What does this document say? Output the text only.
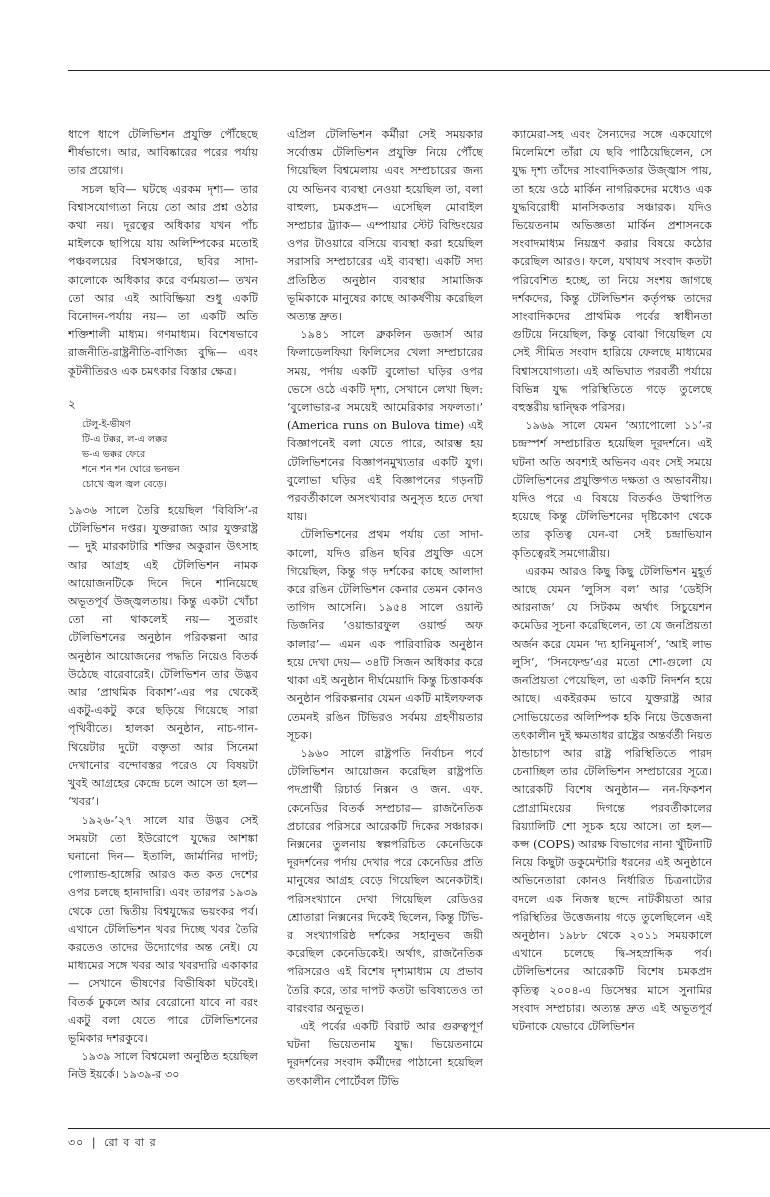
ধাপে ধাপে টেলিভিশন প্রযুক্তি পৌঁছেছে শীর্ষভাগে। আর, আবিষ্কারের পরের পর্যায় তার প্রয়োগ।

সচল ছবি— ঘটছে এরকম দৃশ্য— তার বিশ্বাসযোগ্যতা নিয়ে তো আর প্রশ্ন ওঠার কথা নয়। দূরত্বের অধিকার যখন পাঁচ মাইলকে ছাপিয়ে যায় অলিম্পিকের মতোই পঞ্চবলয়ের বিশ্বসঞ্চারে, ছবির সাদা-কালোকে অধিকার করে বর্ণময়তা— তখন তো আর এই আবিষ্ক্রিয়া শুধু একটি বিনোদন-পর্যায় নয়— তা একটি অতি শক্তিশালী মাধ্যম। গণমাধ্যম। বিশেষভাবে রাজনীতি-রাষ্ট্রনীতি-বাণিজ্য বুদ্ধি— এবং কূটনীতিরও এক চমৎকার বিস্তার ক্ষেত্র।

২
টেলু-ই-ভীষণ
টি-এ টক্কর, ল-এ লক্কর
ভ-এ ভক্কর ফেরে
শনে শন শন ঘোরে ভনভন
চোখে জ্বল জ্বল বেড়ে।

১৯৩৬ সালে তৈরি হয়েছিল ‘বিবিসি’-র টেলিভিশন দপ্তর। যুক্তরাজ্য আর যুক্তরাষ্ট্র— দুই মারকাটারি শক্তির অকুরান উৎসাহ আর আগ্রহ এই টেলিভিশন নামক আয়োজনটিকে দিনে দিনে শানিয়েছে অভূতপূর্ব উজ্জ্বলতায়। কিন্তু একটা খোঁচা তো না থাকলেই নয়— সুতরাং টেলিভিশনের অনুষ্ঠান পরিকল্পনা আর অনুষ্ঠান আয়োজনের পদ্ধতি নিয়েও বিতর্ক উঠেছে বারেবারেই। টেলিভিশন তার উদ্ভব আর ‘প্রাথমিক বিকাশ’-এর পর থেকেই একটু-একটু করে ছড়িয়ে গিয়েছে সারা পৃথিবীতে। হালকা অনুষ্ঠান, নাচ-গান-থিয়েটার দুটো বক্তৃতা আর সিনেমা দেখানোর বন্দোবস্তর পরেও যে বিষয়টা খুবই আগ্রহের কেন্দ্রে চলে আসে তা হল— ‘খবর’।

১৯২৬-’২৭ সালে যার উদ্ভব সেই সময়টা তো ইউরোপে যুদ্ধের আশঙ্কা ঘনানো দিন— ইতালি, জার্মানির দাপট; পোল্যান্ড-হাঙ্গেরি আরও কত কত দেশের ওপর চলছে হানাদারি। এবং তারপর ১৯৩৯ থেকে তো দ্বিতীয় বিশ্বযুদ্ধের ভয়ংকর পর্ব। এখানে টেলিভিশন খবর দিচ্ছে খবর তৈরি করতেও তাদের উদ্যোগের অন্ত নেই। যে মাধ্যমের সঙ্গে খবর আর খবরদারি একাকার— সেখানে ভীষণের বিভীষিকা ঘটবেই। বিতর্ক ঢুকলে আর বেরোনো যাবে না বরং একটু বলা যেতে পারে টেলিভিশনের ভূমিকার দশরকুবে।

১৯৩৯ সালে বিশ্বমেলা অনুষ্ঠিত হয়েছিল নিউ ইয়র্কে। ১৯৩৯-র ৩০

এপ্রিল টেলিভিশন কর্মীরা সেই সময়কার সর্বোত্তম টেলিভিশন প্রযুক্তি নিয়ে পৌঁছে গিয়েছিল বিশ্বমেলায় এবং সম্প্রচারের জন্য যে অভিনব ব্যবস্থা নেওয়া হয়েছিল তা, বলা বাহুল্য, চমকপ্রদ— এসেছিল মোবাইল সম্প্রচার ট্র্যাক— এম্পায়ার স্টেট বিল্ডিংয়ের ওপর টাওয়ারে বসিয়ে ব্যবস্থা করা হয়েছিল সরাসরি সম্প্রচারের এই ব্যবস্থা। একটি সদ্য প্রতিষ্ঠিত অনুষ্ঠান ব্যবস্থার সামাজিক ভূমিকাকে মানুষের কাছে আকর্ষণীয় করেছিল অত্যন্ত দ্রুত।

১৯৪১ সালে ব্রুকলিন ডজার্স আর ফিলাডেলফিয়া ফিলিসের খেলা সম্প্রচারের সময়, পর্দায় একটি বুলোভা ঘড়ির ওপর ভেসে ওঠে একটি দৃশ্য, সেখানে লেখা ছিল: ‘বুলোভার-র সময়েই আমেরিকার সফলতা।’ (America runs on Bulova time) এই বিজ্ঞাপনেই বলা যেতে পারে, আরম্ভ হয় টেলিভিশনের বিজ্ঞাপনমুখ্যতার একটি যুগ। বুলোভা ঘড়ির এই বিজ্ঞাপনের গড়নটি পরবর্তীকালে অসংখ্যবার অনুসৃত হতে দেখা যায়।

টেলিভিশনের প্রথম পর্যায় তো সাদা-কালো, যদিও রঙিন ছবির প্রযুক্তি এসে গিয়েছিল, কিন্তু গড় দর্শকের কাছে আলাদা করে রঙিন টেলিভিশন কেনার তেমন কোনও তাগিদ আসেনি। ১৯৫৪ সালে ওয়াল্ট ডিজনির ‘ওয়ান্ডারফুল ওয়ার্ল্ড অফ কালার’— এমন এক পারিবারিক অনুষ্ঠান হয়ে দেখা দেয়— ৩৪টি সিজন অধিকার করে থাকা এই অনুষ্ঠান দীর্ঘমেয়াদি কিন্তু চিত্তাকর্ষক অনুষ্ঠান পরিকল্পনার যেমন একটি মাইলফলক তেমনই রঙিন টিভিরও সর্বময় গ্রহণীয়তার সূচক।

১৯৬০ সালে রাষ্ট্রপতি নির্বাচন পর্বে টেলিভিশন আয়োজন করেছিল রাষ্ট্রপতি পদপ্রার্থী রিচার্ড নিক্সন ও জন. এফ. কেনেডির বিতর্ক সম্প্রচার— রাজনৈতিক প্রচারের পরিসরে আরেকটি দিকের সঞ্চারক। নিক্সনের তুলনায় স্বল্পপরিচিত কেনেডিকে দূরদর্শনের পর্দায় দেখার পরে কেনেডির প্রতি মানুষের আগ্রহ বেড়ে গিয়েছিল অনেকটাই। পরিসংখ্যানে দেখা গিয়েছিল রেডিওর শ্রোতারা নিক্সনের দিকেই ছিলেন, কিন্তু টিভি-র সংখ্যাগরিষ্ঠ দর্শকের সহানুভব জয়ী করেছিল কেনেডিকেই। অর্থাৎ, রাজনৈতিক পরিসরেও এই বিশেষ দৃশ্যমাধ্যম যে প্রভাব তৈরি করে, তার দাপট কতটা ভবিষ্যতেও তা বারংবার অনুভূত।

এই পর্বের একটি বিরাট আর গুরুত্বপূর্ণ ঘটনা ভিয়েতনাম যুদ্ধ। ভিয়েতনামে দূরদর্শনের সংবাদ কর্মীদের পাঠানো হয়েছিল তৎকালীন পোর্টেবল টিভি

ক্যামেরা-সহ এবং সৈন্যদের সঙ্গে একযোগে মিলেমিশে তাঁরা যে ছবি পাঠিয়েছিলেন, সে যুদ্ধ দৃশ্য তাঁদের সাংবাদিকতার উজ্জ্বাস পায়, তা হয়ে ওঠে মার্কিন নাগরিকদের মধ্যেও এক যুদ্ধবিরোধী মানসিকতার সঞ্চারক। যদিও ভিয়েতনাম অভিজ্ঞতা মার্কিন প্রশাসনকে সংবাদমাধ্যম নিয়ন্ত্রণ করার বিষয়ে কঠোর করেছিল আরও। ফলে, যথাযথ সংবাদ কতটা পরিবেশিত হচ্ছে, তা নিয়ে সংশয় জাগছে দর্শকদের, কিন্তু টেলিভিশন কর্তৃপক্ষ তাদের সাংবাদিকদের প্রাথমিক পর্বের স্বাধীনতা গুটিয়ে নিয়েছিল, কিন্তু বোঝা গিয়েছিল যে সেই সীমিত সংবাদ হারিয়ে ফেলছে মাধ্যমের বিশ্বাসযোগ্যতা। এই অভিঘাত পরবর্তী পর্যায়ে বিভিন্ন যুদ্ধ পরিস্থিতিতে গড়ে তুলেছে বহুস্তরীয় দ্বান্দ্বিক পরিসর।

১৯৬৯ সালে যেমন ‘অ্যাপোলো ১১’-র চন্দ্রস্পর্শ সম্প্রচারিত হয়েছিল দূরদর্শনে। এই ঘটনা অতি অবশ্যই অভিনব এবং সেই সময়ে টেলিভিশনের প্রযুক্তিগত দক্ষতা ও অভাবনীয়। যদিও পরে এ বিষয়ে বিতর্কও উত্থাপিত হয়েছে কিন্তু টেলিভিশনের দৃষ্টিকোণ থেকে তার কৃতিত্ব যেন-বা সেই চন্দ্রাভিযান কৃতিত্বেরই সমগোত্রীয়।

এরকম আরও কিছু কিছু টেলিভিশন মুহূর্ত আছে যেমন ‘লুসিস বল’ আর ‘ডেইসি আরনাজ’ যে সিটকম অর্থাৎ সিচুয়েশন কমেডির সূচনা করেছিলেন, তা যে জনপ্রিয়তা অর্জন করে যেমন ‘দ্য হানিমুনার্স’, ‘আই লাভ লুসি’, ‘সিনফেল্ড’এর মতো শো-গুলো যে জনপ্রিয়তা পেয়েছিল, তা একটি নিদর্শন হয়ে আছে। একইরকম ভাবে যুক্তরাষ্ট্র আর সোভিয়েতের অলিম্পিক হকি নিয়ে উত্তেজনা তৎকালীন দুই ক্ষমতাধর রাষ্ট্রের অন্তর্বর্তী নিয়ত ঠান্ডাচাপ আর রাষ্ট্র পরিস্থিতিতে পারদ চেনাচ্ছিল তার টেলিভিশন সম্প্রচারের সূত্রে। আরেকটি বিশেষ অনুষ্ঠান— নন-ফিকশন প্রোগ্রামিংয়ের দিগন্তে পরবর্তীকালের রিয়্যালিটি শো সূচক হয়ে আসে। তা হল— কপ্স (COPS) আরক্ষ বিভাগের নানা খুঁটিনাটি নিয়ে কিছুটা ডকুমেন্টারি ধরনের এই অনুষ্ঠানে অভিনেতারা কোনও নির্ধারিত চিত্রনাট্যের বদলে এক নিজস্ব ছন্দে নাটকীয়তা আর পরিস্থিতির উত্তেজনায় গড়ে তুলেছিলেন এই অনুষ্ঠান। ১৯৮৮ থেকে ২০১১ সময়কালে এখানে চলেছে দ্বি-সহস্রাব্দিক পর্ব। টেলিভিশনের আরেকটি বিশেষ চমকপ্রদ কৃতিত্ব ২০০৪-এ ডিসেম্বর মাসে সুনামির সংবাদ সম্প্রচার। অত্যন্ত দ্রুত এই অভূতপূর্ব ঘটনাকে যেভাবে টেলিভিশন

৩০ | রো ব বা র
